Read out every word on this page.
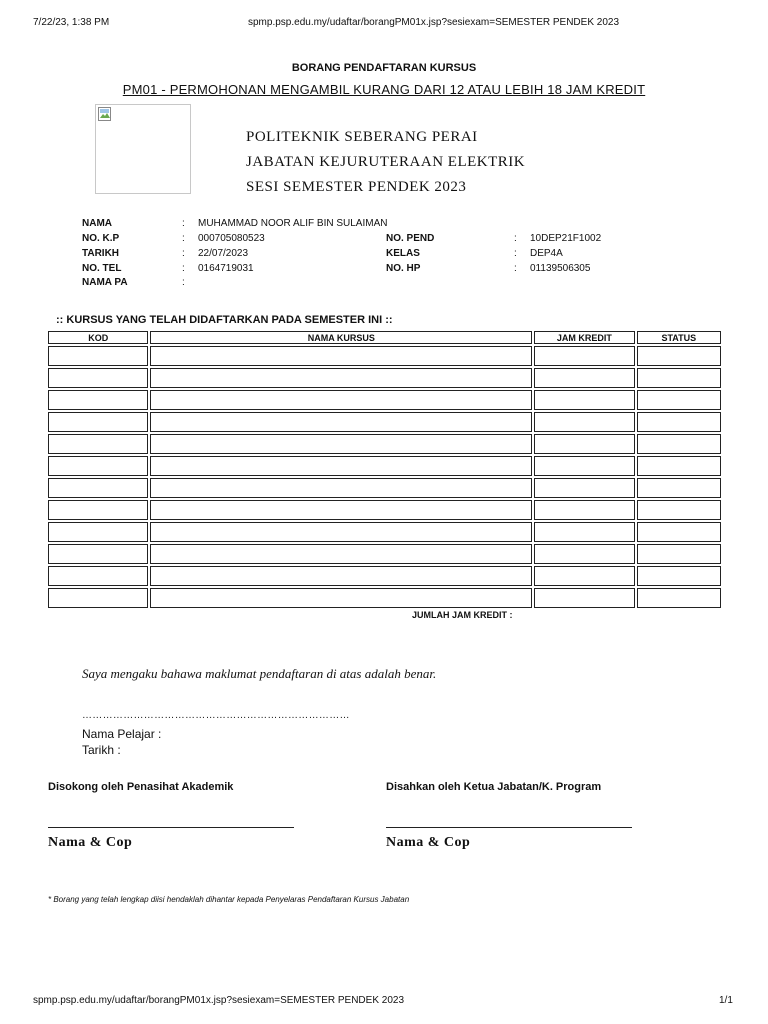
7/22/23, 1:38 PM	spmp.psp.edu.my/udaftar/borangPM01x.jsp?sesiexam=SEMESTER PENDEK 2023
BORANG PENDAFTARAN KURSUS
PM01 - PERMOHONAN MENGAMBIL KURANG DARI 12 ATAU LEBIH 18 JAM KREDIT
POLITEKNIK SEBERANG PERAI
JABATAN KEJURUTERAAN ELEKTRIK
SESI SEMESTER PENDEK 2023
NAMA	: MUHAMMAD NOOR ALIF BIN SULAIMAN
NO. K.P	: 000705080523	NO. PEND	: 10DEP21F1002
TARIKH	: 22/07/2023	KELAS	: DEP4A
NO. TEL	: 0164719031	NO. HP	: 01139506305
NAMA PA	:
:: KURSUS YANG TELAH DIDAFTARKAN PADA SEMESTER INI ::
KOD	NAMA KURSUS	JAM KREDIT	STATUS

JUMLAH JAM KREDIT :
Saya mengaku bahawa maklumat pendaftaran di atas adalah benar.
……………………………………………………………………
Nama Pelajar :
Tarikh :
Disokong oleh Penasihat Akademik	Disahkan oleh Ketua Jabatan/K. Program
Nama & Cop	Nama & Cop
* Borang yang telah lengkap diisi hendaklah dihantar kepada Penyelaras Pendaftaran Kursus Jabatan
spmp.psp.edu.my/udaftar/borangPM01x.jsp?sesiexam=SEMESTER PENDEK 2023	1/1
